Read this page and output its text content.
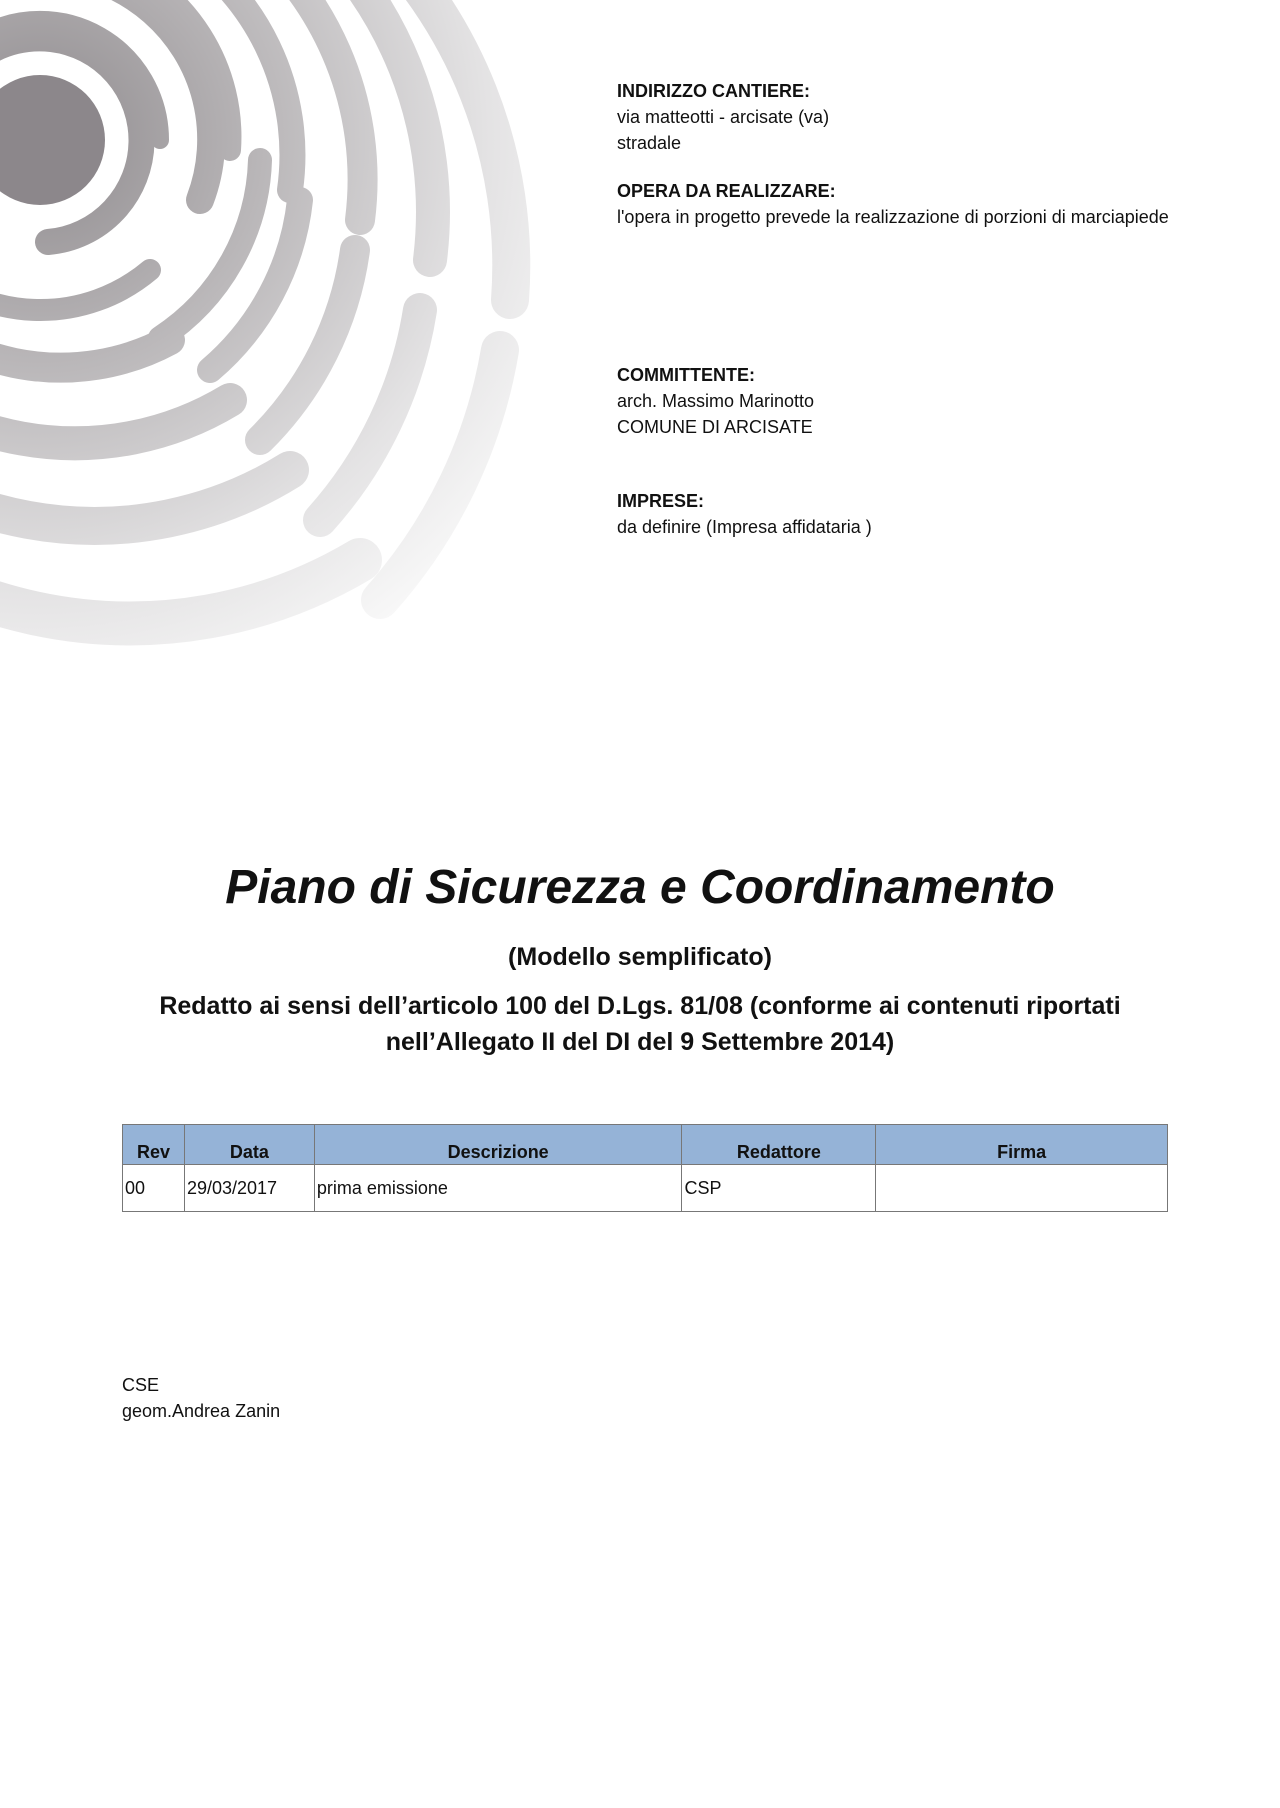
INDIRIZZO CANTIERE:
via matteotti - arcisate (va)
stradale
OPERA DA REALIZZARE:
l'opera in progetto prevede la realizzazione di porzioni di marciapiede
COMMITTENTE:
arch. Massimo Marinotto
COMUNE DI ARCISATE
IMPRESE:
da definire (Impresa affidataria )
Piano di Sicurezza e Coordinamento
(Modello semplificato)
Redatto ai sensi dell’articolo 100 del D.Lgs. 81/08 (conforme ai contenuti riportati
nell’Allegato II del DI del 9 Settembre 2014)
Rev	Data	Descrizione	Redattore	Firma
00	29/03/2017	prima emissione	CSP	
CSE
geom.Andrea Zanin
